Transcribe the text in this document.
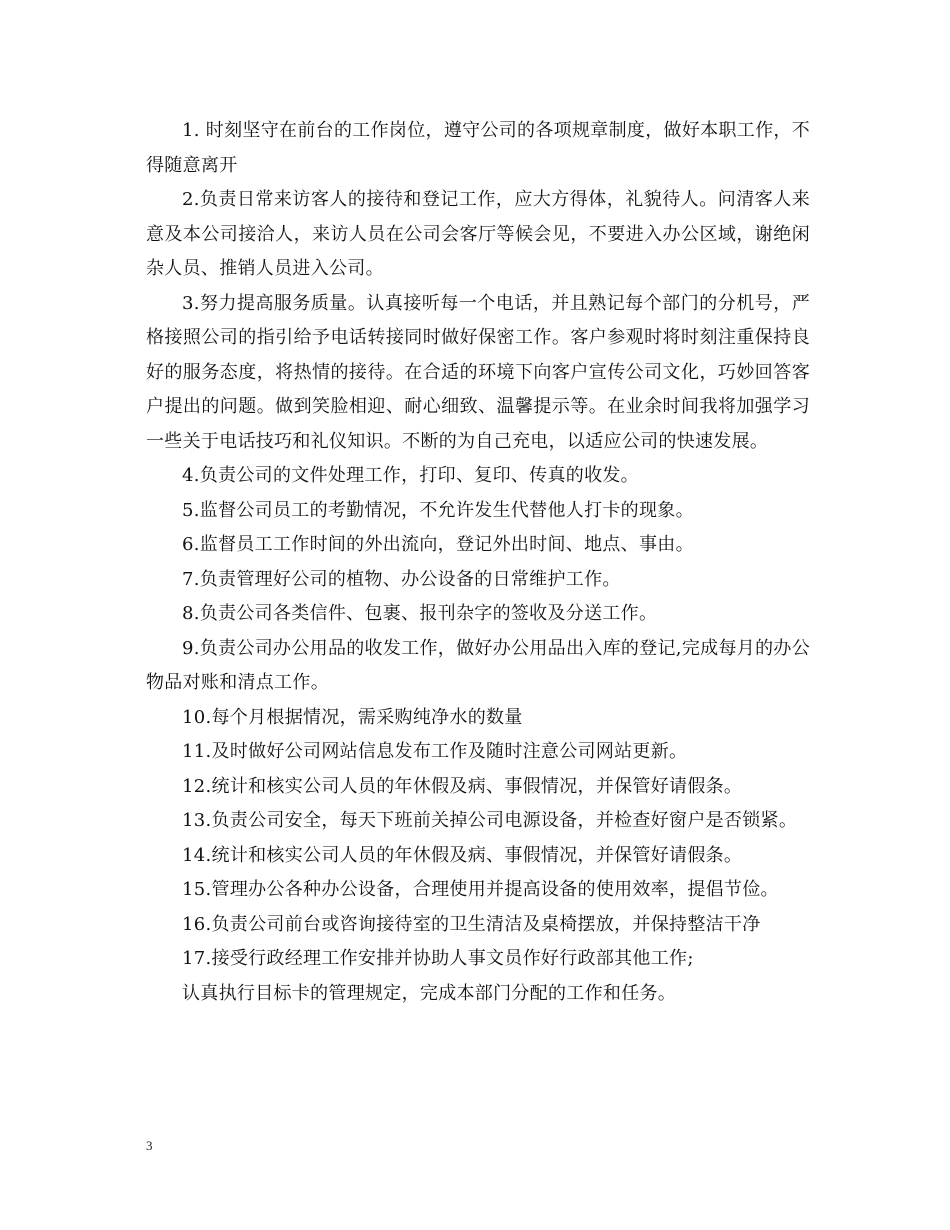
1. 时刻坚守在前台的工作岗位，遵守公司的各项规章制度，做好本职工作，不得随意离开

2.负责日常来访客人的接待和登记工作，应大方得体，礼貌待人。问清客人来意及本公司接洽人，来访人员在公司会客厅等候会见，不要进入办公区域，谢绝闲杂人员、推销人员进入公司。

3.努力提高服务质量。认真接听每一个电话，并且熟记每个部门的分机号，严格接照公司的指引给予电话转接同时做好保密工作。客户参观时将时刻注重保持良好的服务态度，将热情的接待。在合适的环境下向客户宣传公司文化，巧妙回答客户提出的问题。做到笑脸相迎、耐心细致、温馨提示等。在业余时间我将加强学习一些关于电话技巧和礼仪知识。不断的为自己充电，以适应公司的快速发展。

4.负责公司的文件处理工作，打印、复印、传真的收发。

5.监督公司员工的考勤情况，不允许发生代替他人打卡的现象。

6.监督员工工作时间的外出流向，登记外出时间、地点、事由。

7.负责管理好公司的植物、办公设备的日常维护工作。

8.负责公司各类信件、包裹、报刊杂字的签收及分送工作。

9.负责公司办公用品的收发工作，做好办公用品出入库的登记,完成每月的办公物品对账和清点工作。

10.每个月根据情况，需采购纯净水的数量

11.及时做好公司网站信息发布工作及随时注意公司网站更新。

12.统计和核实公司人员的年休假及病、事假情况，并保管好请假条。

13.负责公司安全，每天下班前关掉公司电源设备，并检查好窗户是否锁紧。

14.统计和核实公司人员的年休假及病、事假情况，并保管好请假条。

15.管理办公各种办公设备，合理使用并提高设备的使用效率，提倡节俭。

16.负责公司前台或咨询接待室的卫生清洁及桌椅摆放，并保持整洁干净

17.接受行政经理工作安排并协助人事文员作好行政部其他工作;

认真执行目标卡的管理规定，完成本部门分配的工作和任务。

3
